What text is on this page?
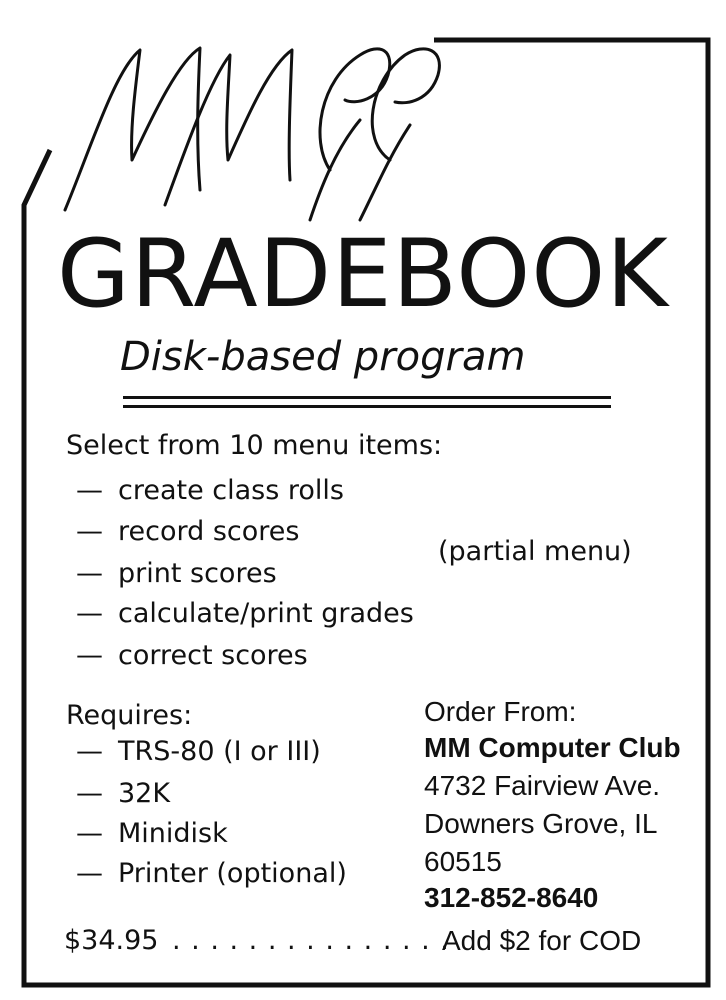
GRADEBOOK
Disk-based program
Select from 10 menu items:
— create class rolls
— record scores
— print scores
— calculate/print grades
— correct scores
(partial menu)
Requires:
— TRS-80 (I or III)
— 32K
— Minidisk
— Printer (optional)
Order From:
MM Computer Club
4732 Fairview Ave.
Downers Grove, IL
60515
312-852-8640
$34.95 . . . . . . . . . . . . . . .
Add $2 for COD
